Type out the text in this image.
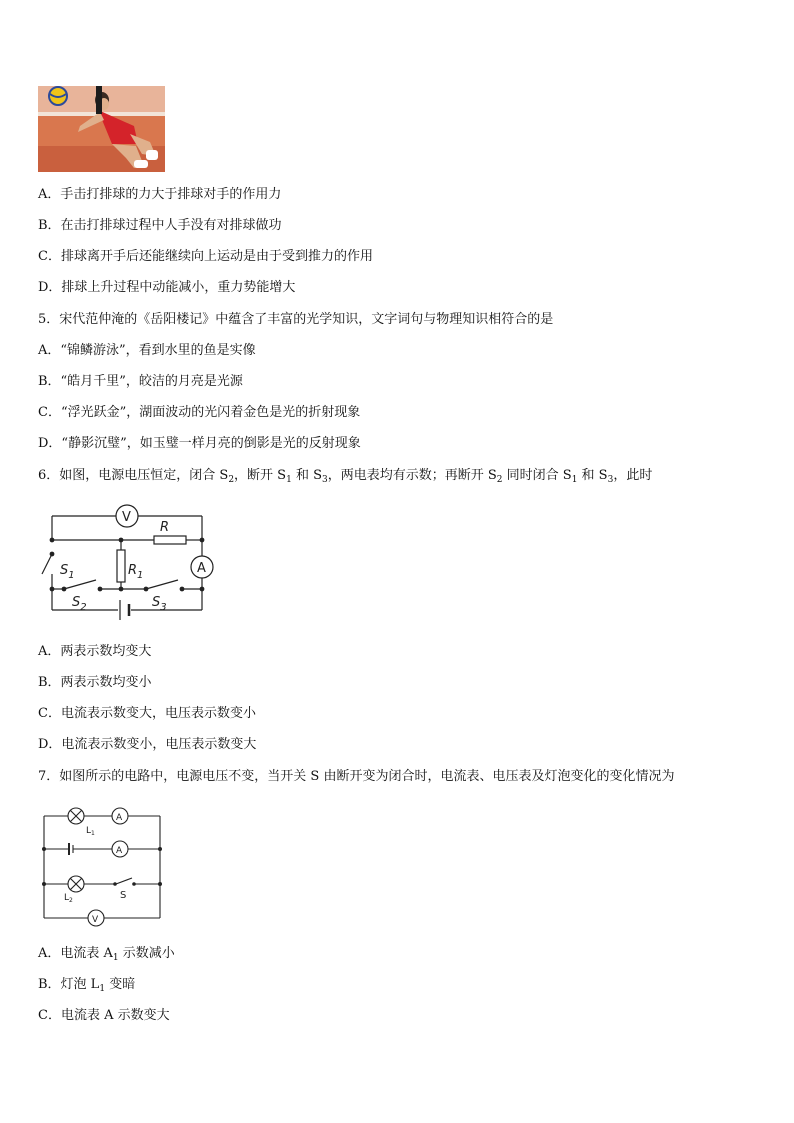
A．手击打排球的力大于排球对手的作用力
B．在击打排球过程中人手没有对排球做功
C．排球离开手后还能继续向上运动是由于受到推力的作用
D．排球上升过程中动能减小，重力势能增大
5．宋代范仲淹的《岳阳楼记》中蕴含了丰富的光学知识，文字词句与物理知识相符合的是
A．“锦鳞游泳”，看到水里的鱼是实像
B．“皓月千里”，皎洁的月亮是光源
C．“浮光跃金”，湖面波动的光闪着金色是光的折射现象
D．“静影沉璧”，如玉璧一样月亮的倒影是光的反射现象
6．如图，电源电压恒定，闭合 $S_2$，断开 $S_1$ 和 $S_3$，两电表均有示数；再断开 $S_2$ 同时闭合 $S_1$ 和 $S_3$，此时
V
A
R
$R_1$
$S_1$
$S_2$	$S_3$
A．两表示数均变大
B．两表示数均变小
C．电流表示数变大，电压表示数变小
D．电流表示数变小，电压表示数变大
7．如图所示的电路中，电源电压不变，当开关 S 由断开变为闭合时，电流表、电压表及灯泡变化的变化情况为
A
A
V
$L_1$
$L_2$	S
A．电流表 $A_1$ 示数减小
B．灯泡 $L_1$ 变暗
C．电流表 A 示数变大
